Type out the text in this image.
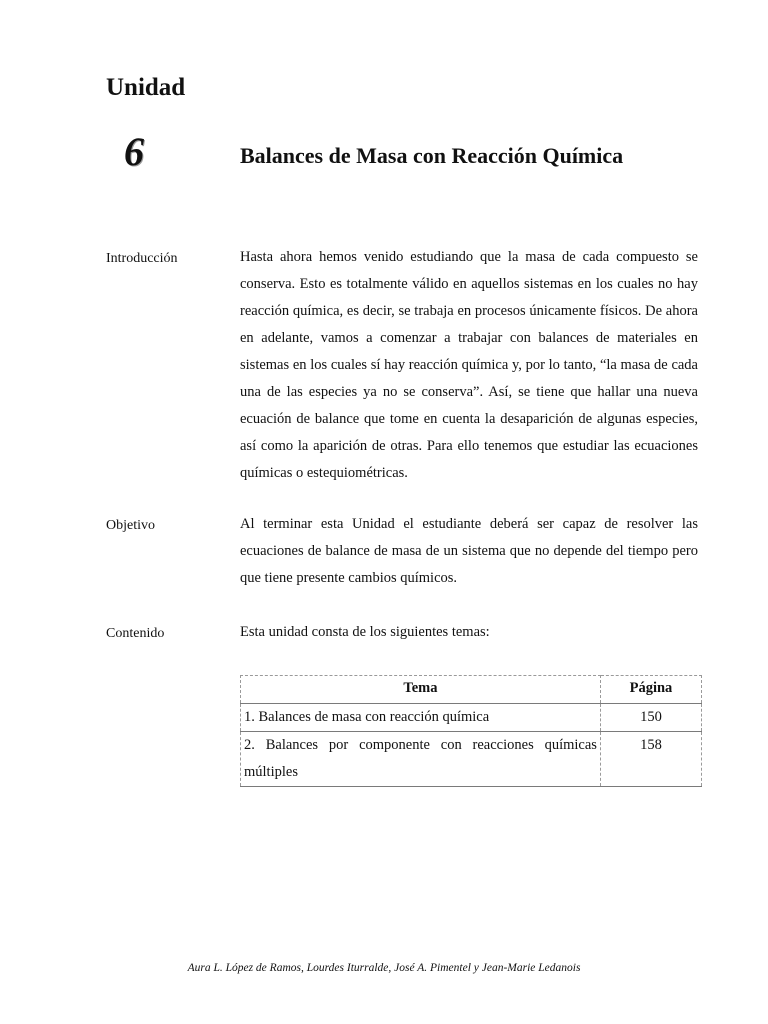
Unidad
6	Balances de Masa con Reacción Química
Introducción	Hasta ahora hemos venido estudiando que la masa de cada compuesto se conserva. Esto es totalmente válido en aquellos sistemas en los cuales no hay reacción química, es decir, se trabaja en procesos únicamente físicos. De ahora en adelante, vamos a comenzar a trabajar con balances de materiales en sistemas en los cuales sí hay reacción química y, por lo tanto, “la masa de cada una de las especies ya no se conserva”. Así, se tiene que hallar una nueva ecuación de balance que tome en cuenta la desaparición de algunas especies, así como la aparición de otras. Para ello tenemos que estudiar las ecuaciones químicas o estequiométricas.

Objetivo	Al terminar esta Unidad el estudiante deberá ser capaz de resolver las ecuaciones de balance de masa de un sistema que no depende del tiempo pero que tiene presente cambios químicos.

Contenido	Esta unidad consta de los siguientes temas:

Tema	Página
1. Balances de masa con reacción química	150
2. Balances por componente con reacciones químicas múltiples	158
Aura L. López de Ramos, Lourdes Iturralde, José A. Pimentel y Jean-Marie Ledanois
